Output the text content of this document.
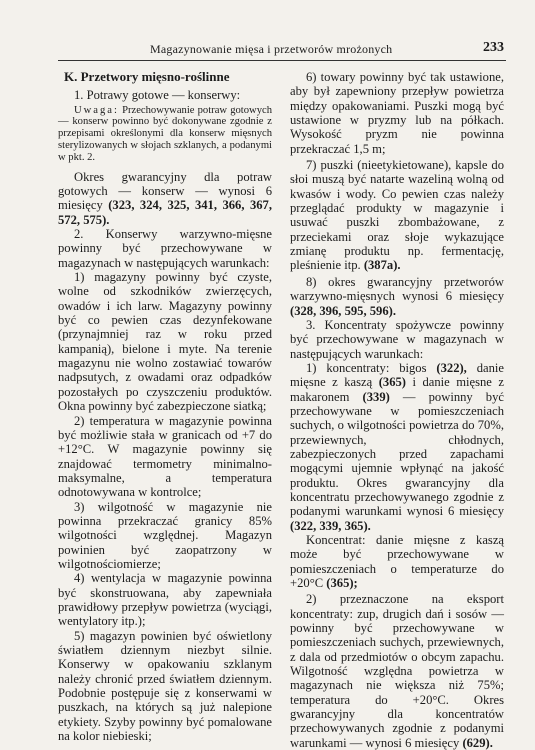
Magazynowanie mięsa i przetworów mrożonych	233

K. Przetwory mięsno-roślinne

1. Potrawy gotowe — konserwy:

Uwaga: Przechowywanie potraw gotowych — konserw powinno być dokonywane zgodnie z przepisami określonymi dla konserw mięsnych sterylizowanych w słojach szklanych, a podanymi w pkt. 2.

Okres gwarancyjny dla potraw gotowych — konserw — wynosi 6 miesięcy (323, 324, 325, 341, 366, 367, 572, 575).

2. Konserwy warzywno-mięsne powinny być przechowywane w magazynach w następujących warunkach:

1) magazyny powinny być czyste, wolne od szkodników zwierzęcych, owadów i ich larw. Magazyny powinny być co pewien czas dezynfekowane (przynajmniej raz w roku przed kampanią), bielone i myte. Na terenie magazynu nie wolno zostawiać towarów nadpsutych, z owadami oraz odpadków pozostałych po czyszczeniu produktów. Okna powinny być zabezpieczone siatką;

2) temperatura w magazynie powinna być możliwie stała w granicach od +7 do +12°C. W magazynie powinny się znajdować termometry minimalno-maksymalne, a temperatura odnotowywana w kontrolce;

3) wilgotność w magazynie nie powinna przekraczać granicy 85% wilgotności względnej. Magazyn powinien być zaopatrzony w wilgotnościomierze;

4) wentylacja w magazynie powinna być skonstruowana, aby zapewniała prawidłowy przepływ powietrza (wyciągi, wentylatory itp.);

5) magazyn powinien być oświetlony światłem dziennym niezbyt silnie. Konserwy w opakowaniu szklanym należy chronić przed światłem dziennym. Podobnie postępuje się z konserwami w puszkach, na których są już nalepione etykiety. Szyby powinny być pomalowane na kolor niebieski;

6) towary powinny być tak ustawione, aby był zapewniony przepływ powietrza między opakowaniami. Puszki mogą być ustawione w pryzmy lub na półkach. Wysokość pryzm nie powinna przekraczać 1,5 m;

7) puszki (nieetykietowane), kapsle do słoi muszą być natarte wazeliną wolną od kwasów i wody. Co pewien czas należy przeglądać produkty w magazynie i usuwać puszki zbombażowane, z przeciekami oraz słoje wykazujące zmianę produktu np. fermentację, pleśnienie itp. (387a).

8) okres gwarancyjny przetworów warzywno-mięsnych wynosi 6 miesięcy (328, 396, 595, 596).

3. Koncentraty spożywcze powinny być przechowywane w magazynach w następujących warunkach:

1) koncentraty: bigos (322), danie mięsne z kaszą (365) i danie mięsne z makaronem (339) — powinny być przechowywane w pomieszczeniach suchych, o wilgotności powietrza do 70%, przewiewnych, chłodnych, zabezpieczonych przed zapachami mogącymi ujemnie wpłynąć na jakość produktu. Okres gwarancyjny dla koncentratu przechowywanego zgodnie z podanymi warunkami wynosi 6 miesięcy (322, 339, 365).

Koncentrat: danie mięsne z kaszą może być przechowywane w pomieszczeniach o temperaturze do +20°C (365);

2) przeznaczone na eksport koncentraty: zup, drugich dań i sosów — powinny być przechowywane w pomieszczeniach suchych, przewiewnych, z dala od przedmiotów o obcym zapachu. Wilgotność względna powietrza w magazynach nie większa niż 75%; temperatura do +20°C. Okres gwarancyjny dla koncentratów przechowywanych zgodnie z podanymi warunkami — wynosi 6 miesięcy (629).
